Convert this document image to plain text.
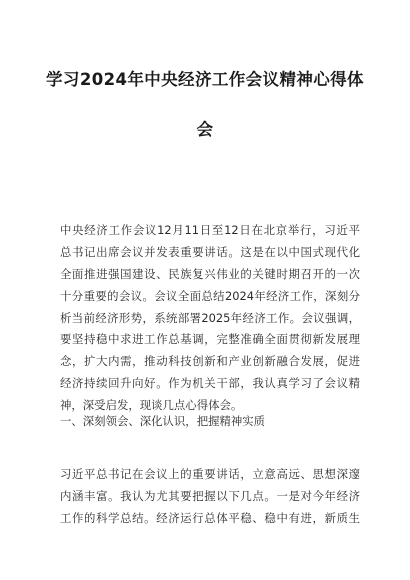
学习2024年中央经济工作会议精神心得体
会
中央经济工作会议12月11日至12日在北京举行，习近平
总书记出席会议并发表重要讲话。这是在以中国式现代化
全面推进强国建设、民族复兴伟业的关键时期召开的一次
十分重要的会议。会议全面总结2024年经济工作，深刻分
析当前经济形势，系统部署2025年经济工作。会议强调，
要坚持稳中求进工作总基调，完整准确全面贯彻新发展理
念，扩大内需，推动科技创新和产业创新融合发展，促进
经济持续回升向好。作为机关干部，我认真学习了会议精
神，深受启发，现谈几点心得体会。
一、深刻领会、深化认识，把握精神实质
习近平总书记在会议上的重要讲话，立意高远、思想深邃
内涵丰富。我认为尤其要把握以下几点。一是对今年经济
工作的科学总结。经济运行总体平稳、稳中有进，新质生
